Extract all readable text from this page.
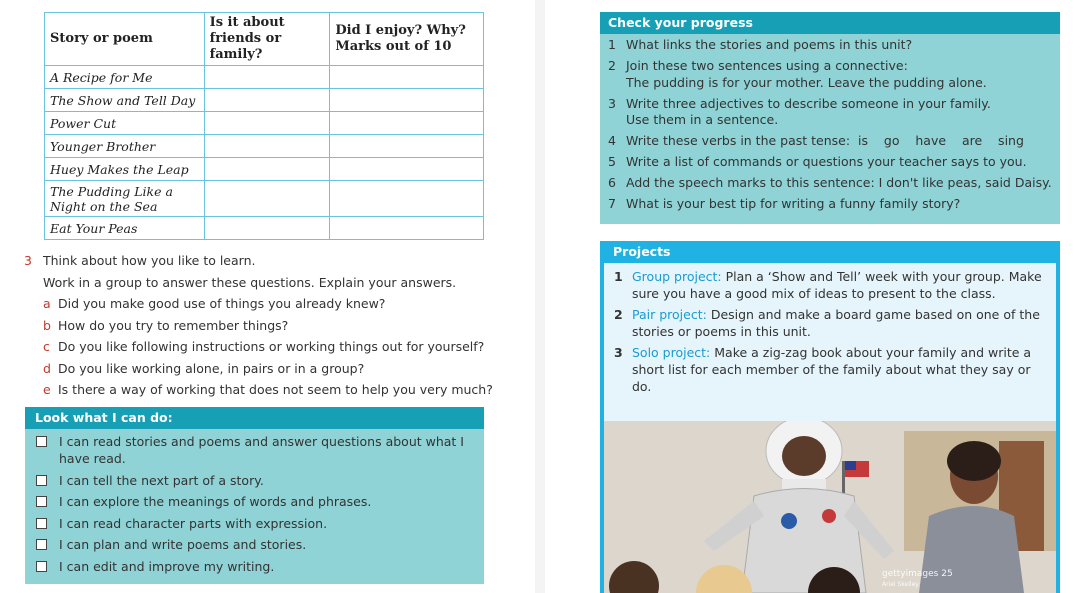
Story or poem	Is it about friends or family?	Did I enjoy? Why? Marks out of 10
A Recipe for Me		
The Show and Tell Day		
Power Cut		
Younger Brother		
Huey Makes the Leap		
The Pudding Like a Night on the Sea		
Eat Your Peas		
3 Think about how you like to learn.
Work in a group to answer these questions. Explain your answers.
a Did you make good use of things you already knew?
b How do you try to remember things?
c Do you like following instructions or working things out for yourself?
d Do you like working alone, in pairs or in a group?
e Is there a way of working that does not seem to help you very much?
Look what I can do:
I can read stories and poems and answer questions about what I have read.
I can tell the next part of a story.
I can explore the meanings of words and phrases.
I can read character parts with expression.
I can plan and write poems and stories.
I can edit and improve my writing.
Check your progress
1 What links the stories and poems in this unit?
2 Join these two sentences using a connective:
The pudding is for your mother. Leave the pudding alone.
3 Write three adjectives to describe someone in your family.
Use them in a sentence.
4 Write these verbs in the past tense:  is    go    have    are    sing
5 Write a list of commands or questions your teacher says to you.
6 Add the speech marks to this sentence: I don't like peas, said Daisy.
7 What is your best tip for writing a funny family story?
Projects
1 Group project: Plan a ‘Show and Tell’ week with your group. Make sure you have a good mix of ideas to present to the class.
2 Pair project: Design and make a board game based on one of the stories or poems in this unit.
3 Solo project: Make a zig-zag book about your family and write a short list for each member of the family about what they say or do.
gettyimages 25
Ariel Skelley
